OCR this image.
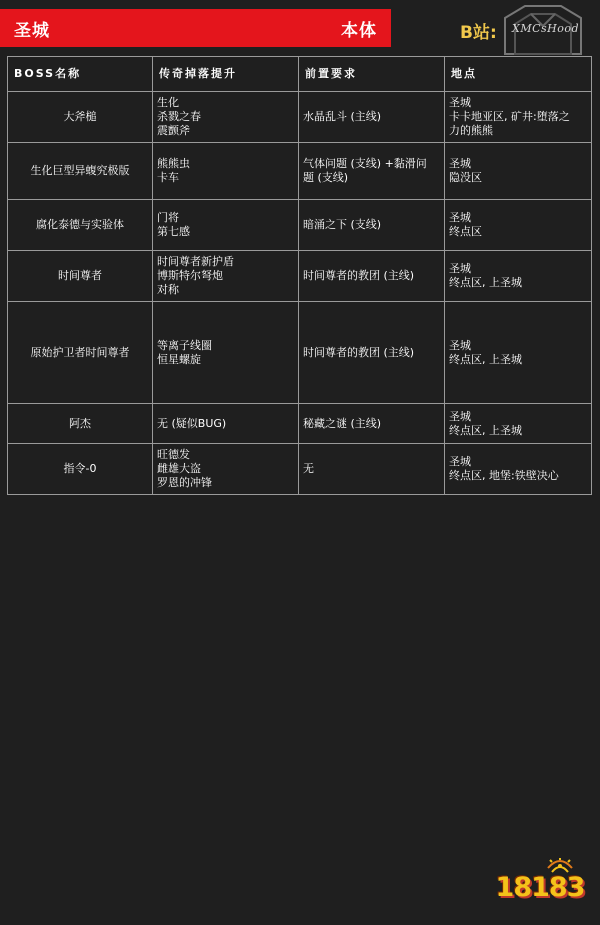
圣城	本体	B站: XMCsHood
BOSS名称	传奇掉落提升	前置要求	地点
大斧槌	生化
杀戮之春
震颤斧	水晶乱斗 (主线)	圣城
卡卡地亚区, 矿井:堕落之
力的熊熊

生化巨型异蝮究极版	熊熊虫
卡车	气体问题 (支线) +黏滑问
题 (支线)	圣城
隐没区

腐化泰德与实验体	门将
第七感	暗涌之下 (支线)	圣城
终点区

时间尊者	时间尊者新护盾
博斯特尔弩炮
对称	时间尊者的教团 (主线)	圣城
终点区, 上圣城

原始护卫者时间尊者	等离子线圈
恒星螺旋	时间尊者的教团 (主线)	圣城
终点区, 上圣城

阿杰	无 (疑似BUG)	秘藏之谜 (主线)	圣城
终点区, 上圣城

指令-0	旺德发
雌雄大盗
罗恩的冲锋	无	圣城
终点区, 地堡:铁壁决心
18183
